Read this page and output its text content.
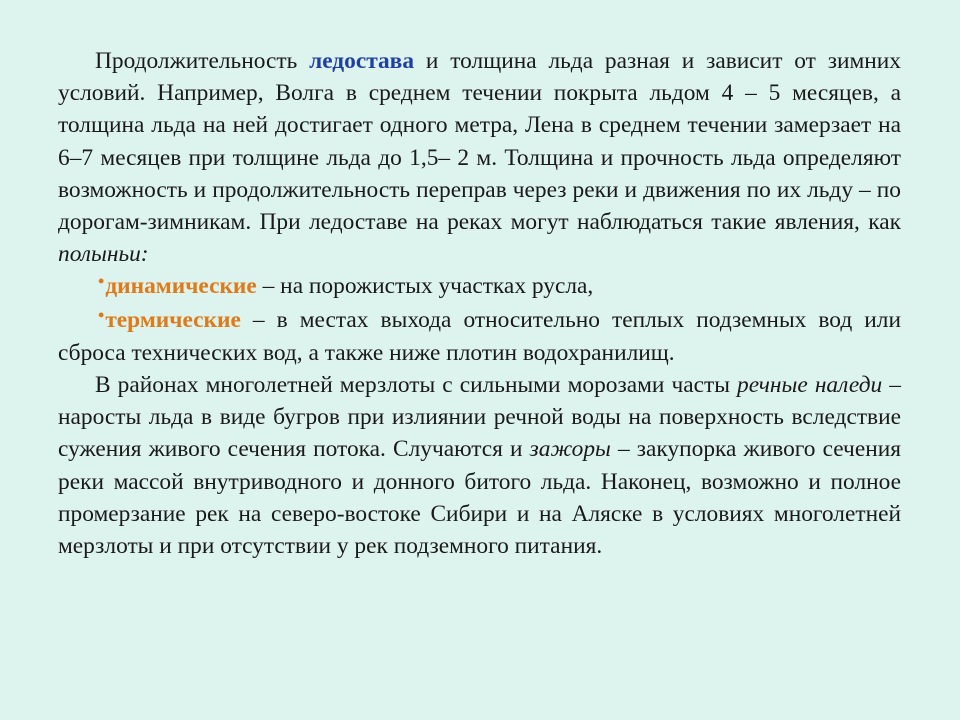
Продолжительность ледостава и толщина льда разная и зависит от зимних условий. Например, Волга в среднем течении покрыта льдом 4 – 5 месяцев, а толщина льда на ней достигает одного метра, Лена в среднем течении замерзает на 6–7 месяцев при толщине льда до 1,5– 2 м. Толщина и прочность льда определяют возможность и продолжительность переправ через реки и движения по их льду – по дорогам-зимникам. При ледоставе на реках могут наблюдаться такие явления, как полыньи:

•динамические – на порожистых участках русла,

•термические – в местах выхода относительно теплых подземных вод или сброса технических вод, а также ниже плотин водохранилищ.

В районах многолетней мерзлоты с сильными морозами часты речные наледи – наросты льда в виде бугров при излиянии речной воды на поверхность вследствие сужения живого сечения потока. Случаются и зажоры – закупорка живого сечения реки массой внутриводного и донного битого льда. Наконец, возможно и полное промерзание рек на северо-востоке Сибири и на Аляске в условиях многолетней мерзлоты и при отсутствии у рек подземного питания.
